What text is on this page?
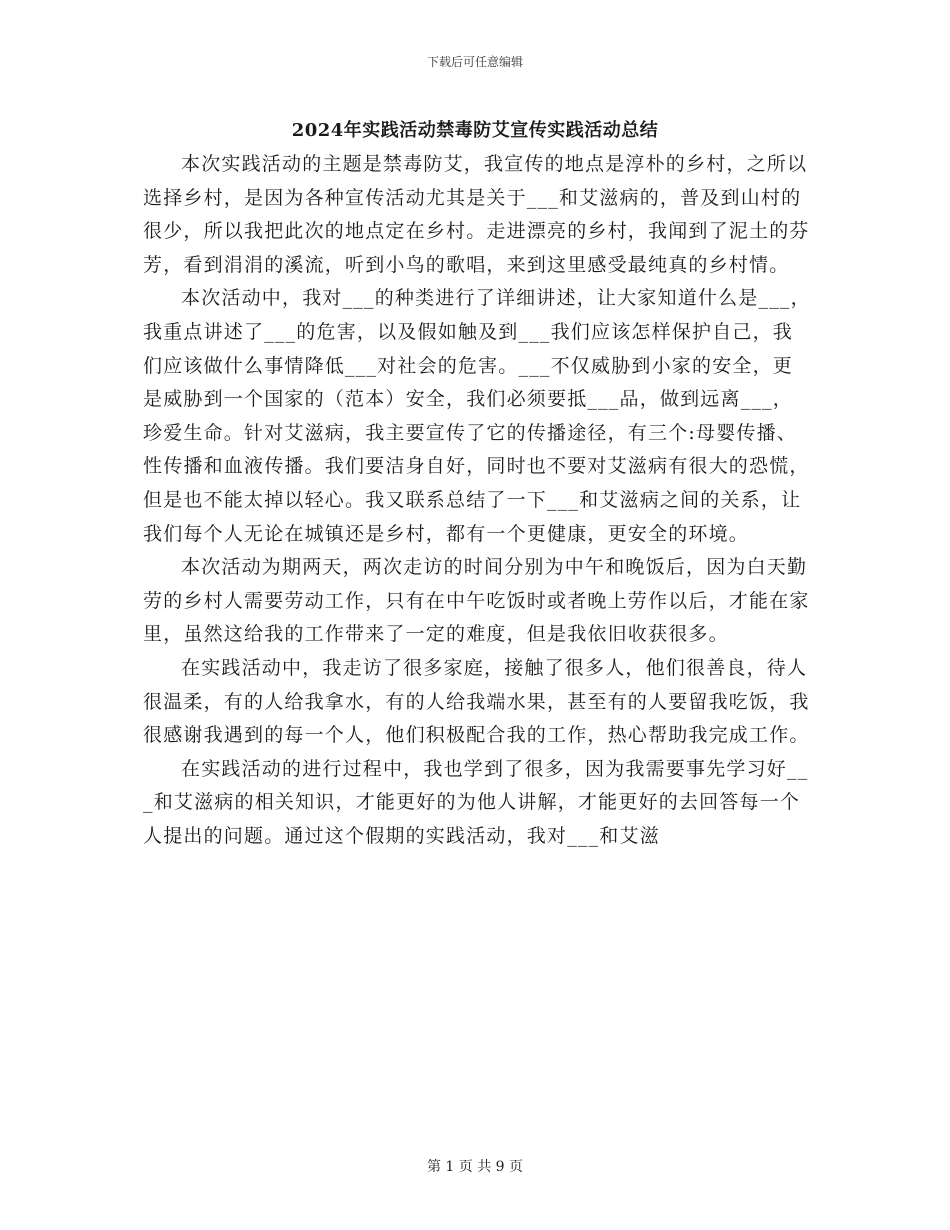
下载后可任意编辑
2024年实践活动禁毒防艾宣传实践活动总结

本次实践活动的主题是禁毒防艾，我宣传的地点是淳朴的乡村，之所以选择乡村，是因为各种宣传活动尤其是关于___和艾滋病的，普及到山村的很少，所以我把此次的地点定在乡村。走进漂亮的乡村，我闻到了泥土的芬芳，看到涓涓的溪流，听到小鸟的歌唱，来到这里感受最纯真的乡村情。

本次活动中，我对___的种类进行了详细讲述，让大家知道什么是___，我重点讲述了___的危害，以及假如触及到___我们应该怎样保护自己，我们应该做什么事情降低___对社会的危害。___不仅威胁到小家的安全，更是威胁到一个国家的（范本）安全，我们必须要抵___品，做到远离___，珍爱生命。针对艾滋病，我主要宣传了它的传播途径，有三个:母婴传播、性传播和血液传播。我们要洁身自好，同时也不要对艾滋病有很大的恐慌，但是也不能太掉以轻心。我又联系总结了一下___和艾滋病之间的关系，让我们每个人无论在城镇还是乡村，都有一个更健康，更安全的环境。

本次活动为期两天，两次走访的时间分别为中午和晚饭后，因为白天勤劳的乡村人需要劳动工作，只有在中午吃饭时或者晚上劳作以后，才能在家里，虽然这给我的工作带来了一定的难度，但是我依旧收获很多。

在实践活动中，我走访了很多家庭，接触了很多人，他们很善良，待人很温柔，有的人给我拿水，有的人给我端水果，甚至有的人要留我吃饭，我很感谢我遇到的每一个人，他们积极配合我的工作，热心帮助我完成工作。

在实践活动的进行过程中，我也学到了很多，因为我需要事先学习好___和艾滋病的相关知识，才能更好的为他人讲解，才能更好的去回答每一个人提出的问题。通过这个假期的实践活动，我对___和艾滋

第 1 页 共 9 页
